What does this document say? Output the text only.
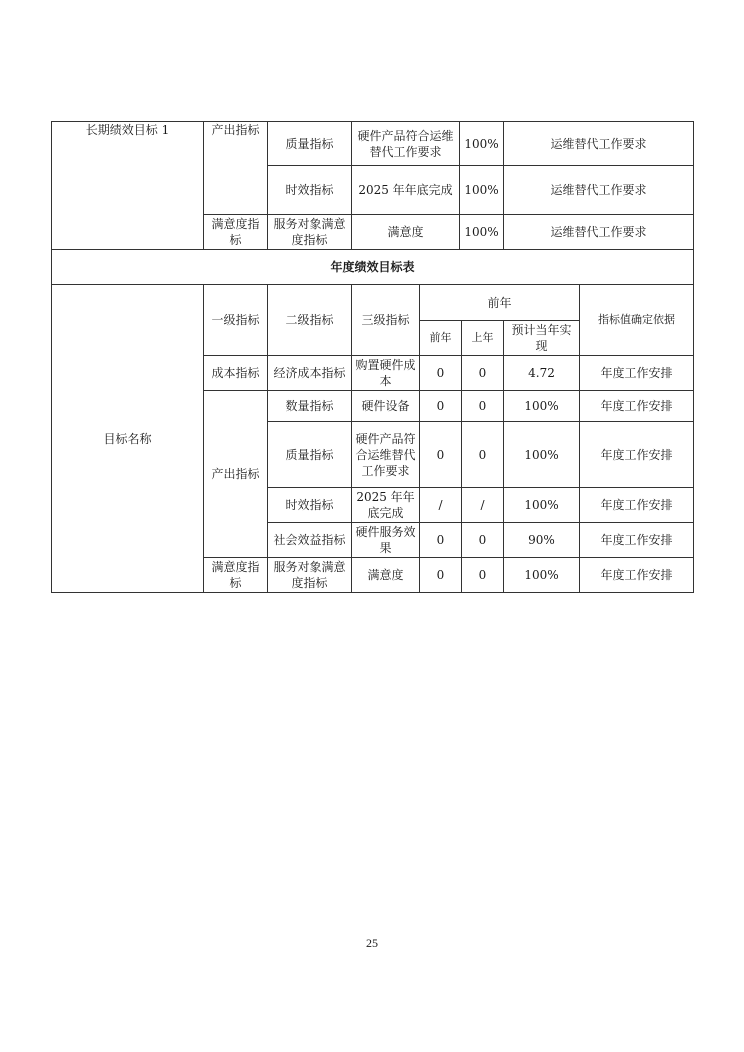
长期绩效目标 1	产出指标	质量指标	硬件产品符合运维替代工作要求	100%	运维替代工作要求
		时效指标	2025 年年底完成	100%	运维替代工作要求
	满意度指标	服务对象满意度指标	满意度	100%	运维替代工作要求
年度绩效目标表							
目标名称	一级指标	二级指标	三级指标	前年			指标值确定依据
				前年	上年	预计当年实现	
	成本指标	经济成本指标	购置硬件成本	0	0	4.72	年度工作安排
	产出指标	数量指标	硬件设备	0	0	100%	年度工作安排
		质量指标	硬件产品符合运维替代工作要求	0	0	100%	年度工作安排
		时效指标	2025 年年底完成	/	/	100%	年度工作安排
		社会效益指标	硬件服务效果	0	0	90%	年度工作安排
	满意度指标	服务对象满意度指标	满意度	0	0	100%	年度工作安排
25
